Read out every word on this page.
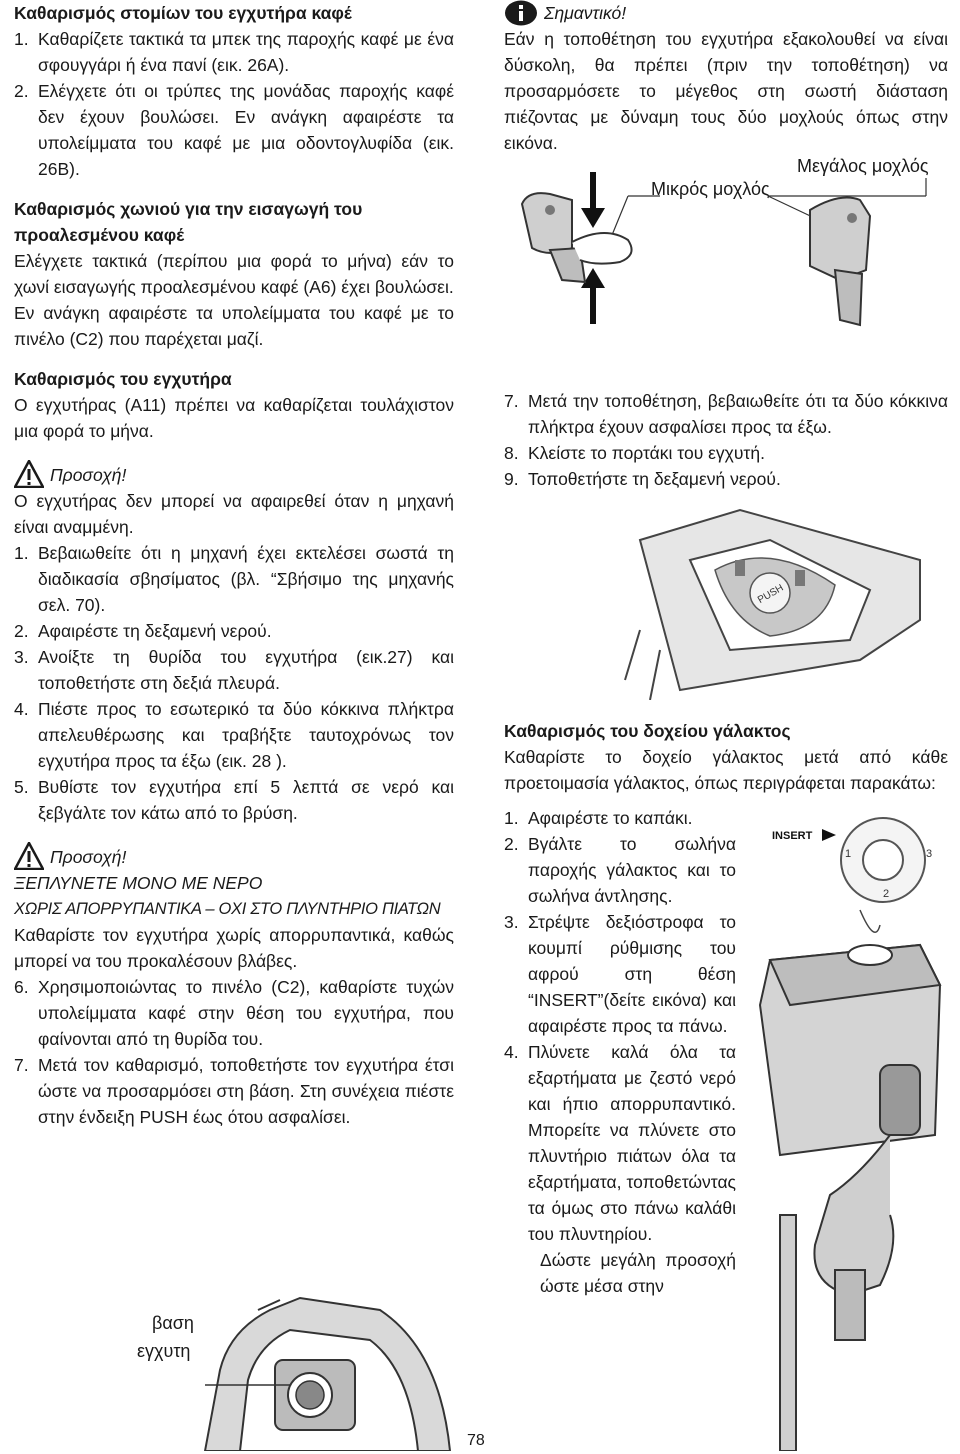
Καθαρισμός στομίων του εγχυτήρα καφέ
1. Καθαρίζετε τακτικά τα μπεκ της παροχής καφέ με ένα σφουγγάρι ή ένα πανί (εικ. 26A).
2. Ελέγχετε ότι οι τρύπες της μονάδας παροχής καφέ δεν έχουν βουλώσει. Εν ανάγκη αφαιρέστε τα υπολείμματα του καφέ με μια οδοντογλυφίδα (εικ. 26B).
Καθαρισμός χωνιού για την εισαγωγή του προαλεσμένου καφέ

Ελέγχετε τακτικά (περίπου μια φορά το μήνα) εάν το χωνί εισαγωγής προαλεσμένου καφέ (A6) έχει βουλώσει.

Εν ανάγκη αφαιρέστε τα υπολείμματα του καφέ με το πινέλο (C2) που παρέχεται μαζί.

Καθαρισμός του εγχυτήρα

Ο εγχυτήρας (A11) πρέπει να καθαρίζεται τουλάχιστον μια φορά το μήνα.

Προσοχή!

Ο εγχυτήρας δεν μπορεί να αφαιρεθεί όταν η μηχανή είναι αναμμένη.

1. Βεβαιωθείτε ότι η μηχανή έχει εκτελέσει σωστά τη διαδικασία σβησίματος (βλ. “Σβήσιμο της μηχανής σελ. 70).
2. Αφαιρέστε τη δεξαμενή νερού.
3. Ανοίξτε τη θυρίδα του εγχυτήρα (εικ.27) και τοποθετήστε στη δεξιά πλευρά.
4. Πιέστε προς το εσωτερικό τα δύο κόκκινα πλήκτρα απελευθέρωσης και τραβήξτε ταυτοχρόνως τον εγχυτήρα προς τα έξω (εικ. 28 ).
5. Βυθίστε τον εγχυτήρα επί 5 λεπτά σε νερό και ξεβγάλτε τον κάτω από το βρύση.
Προσοχή!

ΞΕΠΛΥΝΕΤΕ ΜΟΝΟ ΜΕ ΝΕΡΟ

ΧΩΡΙΣ ΑΠΟΡΡΥΠΑΝΤΙΚΑ – ΟΧΙ ΣΤΟ ΠΛΥΝΤΗΡΙΟ ΠΙΑΤΩΝ

Καθαρίστε τον εγχυτήρα χωρίς απορρυπαντικά, καθώς μπορεί να του προκαλέσουν βλάβες.

6. Χρησιμοποιώντας το πινέλο (C2), καθαρίστε τυχών υπολείμματα καφέ στην θέση του εγχυτήρα, που φαίνονται από τη θυρίδα του.
7. Μετά τον καθαρισμό, τοποθετήστε τον εγχυτήρα έτσι ώστε να προσαρμόσει στη βάση. Στη συνέχεια πιέστε στην ένδειξη PUSH έως ότου ασφαλίσει.
βαση
εγχυτη
Σημαντικό!

Εάν η τοποθέτηση του εγχυτήρα εξακολουθεί να είναι δύσκολη, θα πρέπει (πριν την τοποθέτηση) να προσαρμόσετε το μέγεθος στη σωστή διάσταση πιέζοντας με δύναμη τους δύο μοχλούς όπως στην εικόνα.

Μεγάλος μοχλός
Μικρός μοχλός
7. Μετά την τοποθέτηση, βεβαιωθείτε ότι τα δύο κόκκινα πλήκτρα έχουν ασφαλίσει προς τα έξω.
8. Κλείστε το πορτάκι του εγχυτή.
9. Τοποθετήστε τη δεξαμενή νερού.
PUSH
Καθαρισμός του δοχείου γάλακτος

Καθαρίστε το δοχείο γάλακτος μετά από κάθε προετοιμασία γάλακτος, όπως περιγράφεται παρακάτω:

1. Αφαιρέστε το καπάκι.
2. Βγάλτε το σωλήνα παροχής γάλακτος και το σωλήνα άντλησης.
3. Στρέψτε δεξιόστροφα το κουμπί ρύθμισης του αφρού στη θέση “INSERT”(δείτε εικόνα) και αφαιρέστε προς τα πάνω.
4. Πλύνετε καλά όλα τα εξαρτήματα με ζεστό νερό και ήπιο απορρυπαντικό. Μπορείτε να πλύνετε στο πλυντήριο πιάτων όλα τα εξαρτήματα, τοποθετώντας τα όμως στο πάνω καλάθι του πλυντηρίου.

Δώστε μεγάλη προσοχή ώστε μέσα στην

INSERT
1
2
3
78
